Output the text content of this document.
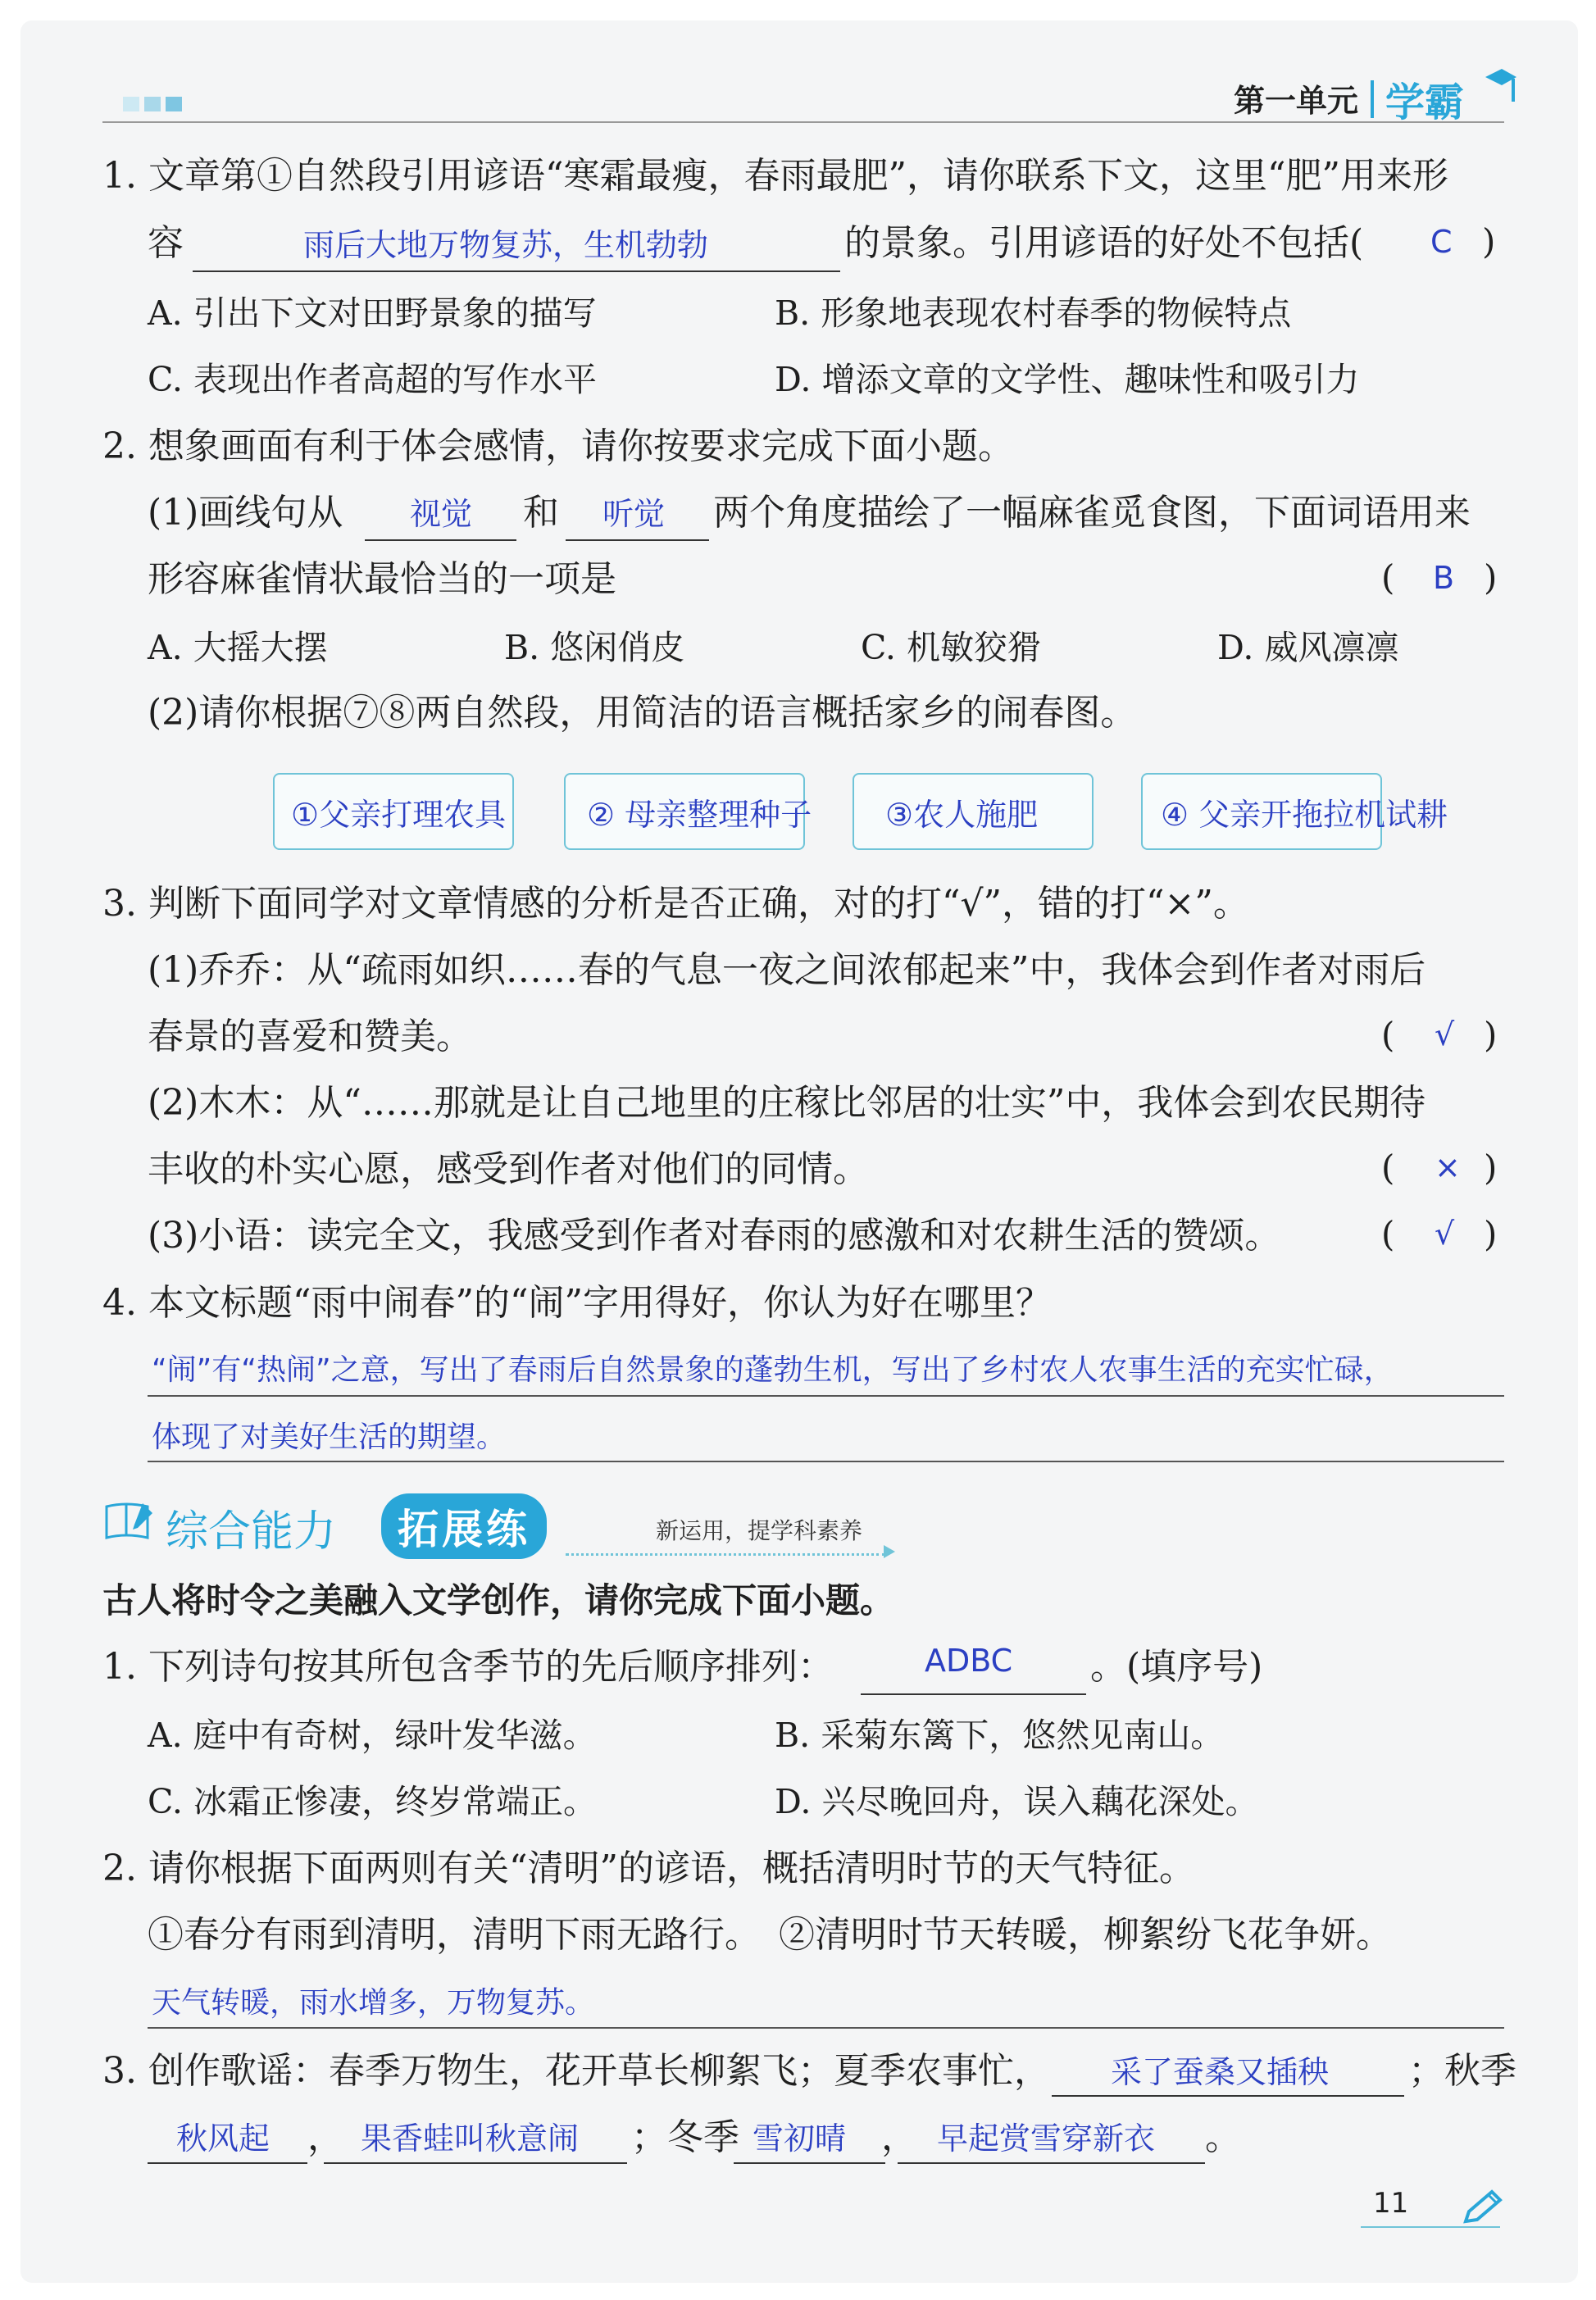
第一单元 学霸
1. 文章第①自然段引用谚语“寒霜最瘦，春雨最肥”，请你联系下文，这里“肥”用来形
容	雨后大地万物复苏，生机勃勃	的景象。引用谚语的好处不包括( C )
A. 引出下文对田野景象的描写	B. 形象地表现农村春季的物候特点
C. 表现出作者高超的写作水平	D. 增添文章的文学性、趣味性和吸引力
2. 想象画面有利于体会感情，请你按要求完成下面小题。
(1)画线句从 视觉 和 听觉 两个角度描绘了一幅麻雀觅食图，下面词语用来
形容麻雀情状最恰当的一项是	( B )
A. 大摇大摆	B. 悠闲俏皮	C. 机敏狡猾	D. 威风凛凛
(2)请你根据⑦⑧两自然段，用简洁的语言概括家乡的闹春图。
①父亲打理农具	② 母亲整理种子 ③农人施肥	④ 父亲开拖拉机试耕
3. 判断下面同学对文章情感的分析是否正确，对的打“√”，错的打“×”。
(1)乔乔：从“疏雨如织……春的气息一夜之间浓郁起来”中，我体会到作者对雨后
春景的喜爱和赞美。	( √ )
(2)木木：从“……那就是让自己地里的庄稼比邻居的壮实”中，我体会到农民期待
丰收的朴实心愿，感受到作者对他们的同情。	( × )
(3)小语：读完全文，我感受到作者对春雨的感激和对农耕生活的赞颂。	( √ )
4. 本文标题“雨中闹春”的“闹”字用得好，你认为好在哪里？
“闹”有“热闹”之意，写出了春雨后自然景象的蓬勃生机，写出了乡村农人农事生活的充实忙碌，
体现了对美好生活的期望。
综合能力	拓展练	新运用，提学科素养
古人将时令之美融入文学创作，请你完成下面小题。
1. 下列诗句按其所包含季节的先后顺序排列：	ADBC 。(填序号)
A. 庭中有奇树，绿叶发华滋。	B. 采菊东篱下，悠然见南山。
C. 冰霜正惨凄，终岁常端正。	D. 兴尽晚回舟，误入藕花深处。
2. 请你根据下面两则有关“清明”的谚语，概括清明时节的天气特征。
①春分有雨到清明，清明下雨无路行。　②清明时节天转暖，柳絮纷飞花争妍。
天气转暖，雨水增多，万物复苏。
3. 创作歌谣：春季万物生，花开草长柳絮飞；夏季农事忙， 采了蚕桑又插秧 ；秋季
秋风起 ， 果香蛙叫秋意闹 ；冬季 雪初晴 ， 早起赏雪穿新衣 。
11
